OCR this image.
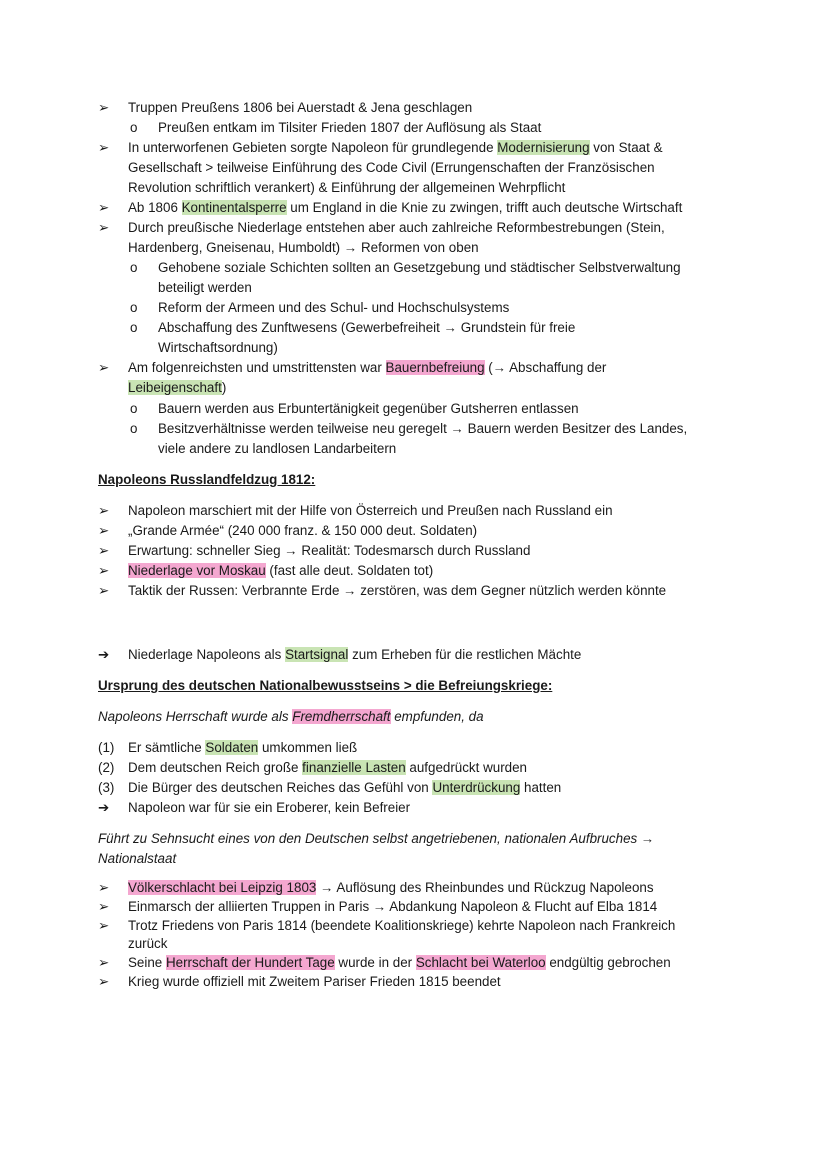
➢ Truppen Preußens 1806 bei Auerstadt & Jena geschlagen
o Preußen entkam im Tilsiter Frieden 1807 der Auflösung als Staat
➢ In unterworfenen Gebieten sorgte Napoleon für grundlegende Modernisierung von Staat &
Gesellschaft > teilweise Einführung des Code Civil (Errungenschaften der Französischen
Revolution schriftlich verankert) & Einführung der allgemeinen Wehrpflicht
➢ Ab 1806 Kontinentalsperre um England in die Knie zu zwingen, trifft auch deutsche Wirtschaft
➢ Durch preußische Niederlage entstehen aber auch zahlreiche Reformbestrebungen (Stein,
Hardenberg, Gneisenau, Humboldt) → Reformen von oben
o Gehobene soziale Schichten sollten an Gesetzgebung und städtischer Selbstverwaltung
beteiligt werden
o Reform der Armeen und des Schul- und Hochschulsystems
o Abschaffung des Zunftwesens (Gewerbefreiheit → Grundstein für freie
Wirtschaftsordnung)
➢ Am folgenreichsten und umstrittensten war Bauernbefreiung (→ Abschaffung der
Leibeigenschaft)
o Bauern werden aus Erbuntertänigkeit gegenüber Gutsherren entlassen
o Besitzverhältnisse werden teilweise neu geregelt → Bauern werden Besitzer des Landes,
viele andere zu landlosen Landarbeitern
Napoleons Russlandfeldzug 1812:
➢ Napoleon marschiert mit der Hilfe von Österreich und Preußen nach Russland ein
➢ „Grande Armée“ (240 000 franz. & 150 000 deut. Soldaten)
➢ Erwartung: schneller Sieg → Realität: Todesmarsch durch Russland
➢ Niederlage vor Moskau (fast alle deut. Soldaten tot)
➢ Taktik der Russen: Verbrannte Erde → zerstören, was dem Gegner nützlich werden könnte
➔ Niederlage Napoleons als Startsignal zum Erheben für die restlichen Mächte
Ursprung des deutschen Nationalbewusstseins > die Befreiungskriege:
Napoleons Herrschaft wurde als Fremdherrschaft empfunden, da
(1) Er sämtliche Soldaten umkommen ließ
(2) Dem deutschen Reich große finanzielle Lasten aufgedrückt wurden
(3) Die Bürger des deutschen Reiches das Gefühl von Unterdrückung hatten
➔ Napoleon war für sie ein Eroberer, kein Befreier
Führt zu Sehnsucht eines von den Deutschen selbst angetriebenen, nationalen Aufbruches →
Nationalstaat
➢ Völkerschlacht bei Leipzig 1803 → Auflösung des Rheinbundes und Rückzug Napoleons
➢ Einmarsch der alliierten Truppen in Paris → Abdankung Napoleon & Flucht auf Elba 1814
➢ Trotz Friedens von Paris 1814 (beendete Koalitionskriege) kehrte Napoleon nach Frankreich
zurück
➢ Seine Herrschaft der Hundert Tage wurde in der Schlacht bei Waterloo endgültig gebrochen
➢ Krieg wurde offiziell mit Zweitem Pariser Frieden 1815 beendet
